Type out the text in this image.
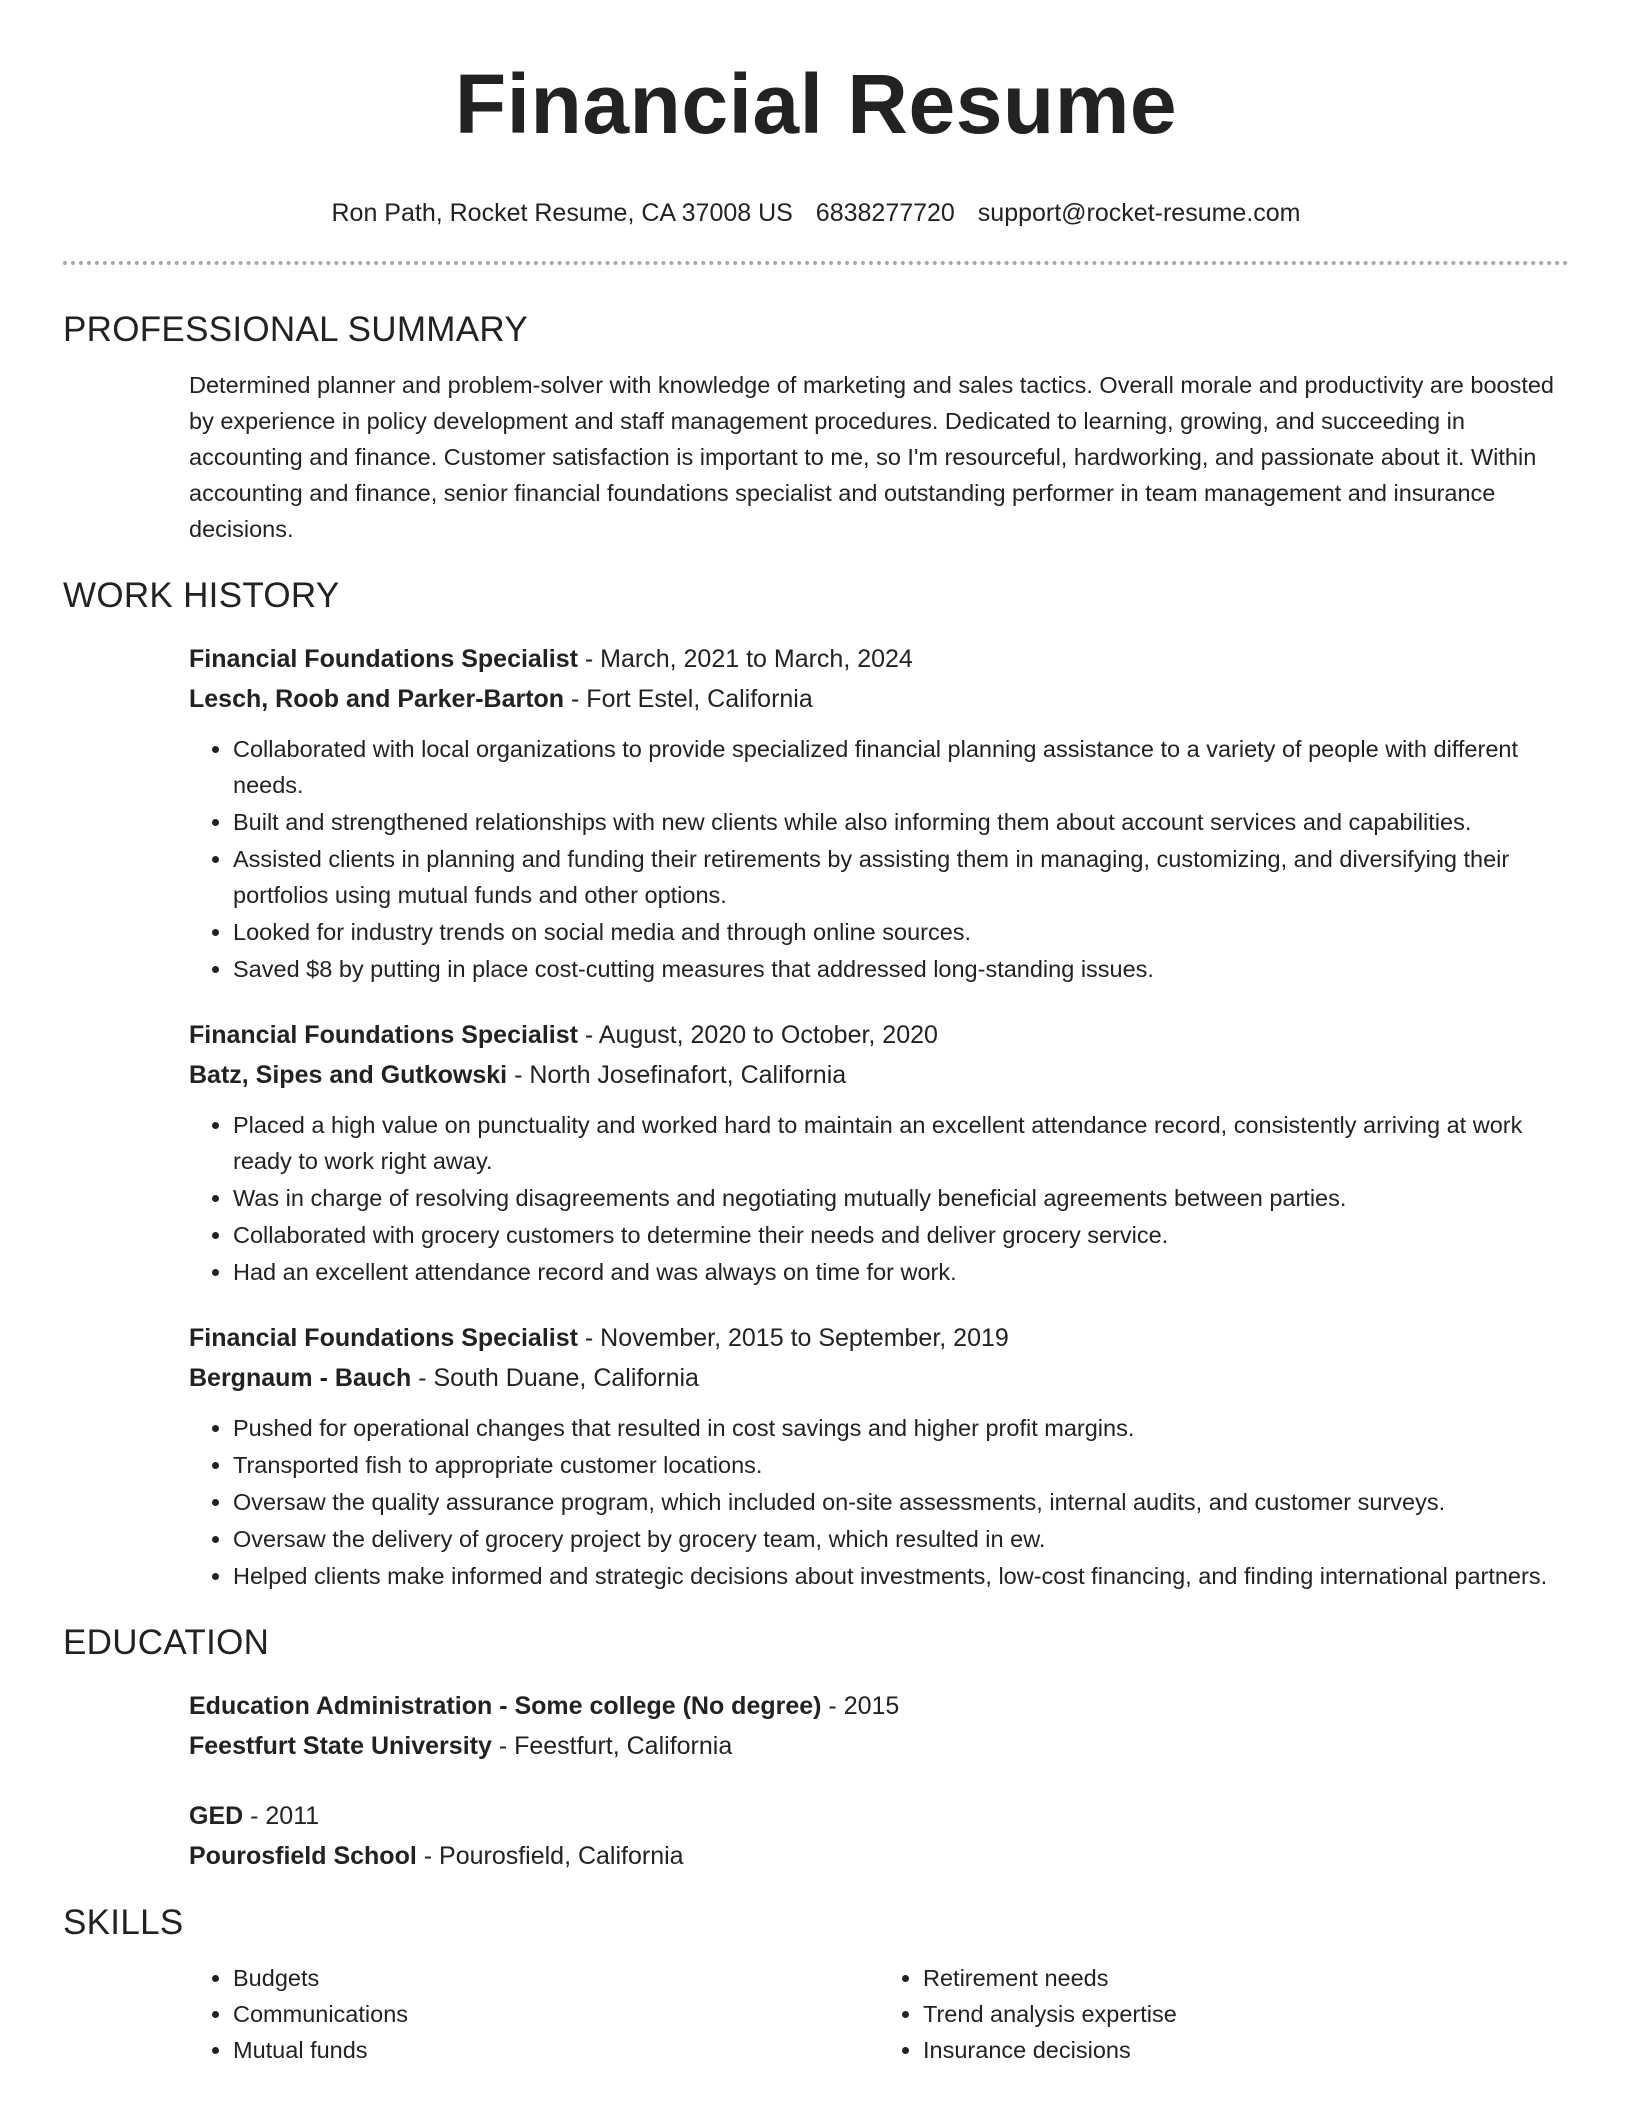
Financial Resume
Ron Path, Rocket Resume, CA 37008 US 6838277720 support@rocket-resume.com
PROFESSIONAL SUMMARY
Determined planner and problem-solver with knowledge of marketing and sales tactics. Overall morale and productivity are boosted by experience in policy development and staff management procedures. Dedicated to learning, growing, and succeeding in accounting and finance. Customer satisfaction is important to me, so I'm resourceful, hardworking, and passionate about it. Within accounting and finance, senior financial foundations specialist and outstanding performer in team management and insurance decisions.
WORK HISTORY
Financial Foundations Specialist - March, 2021 to March, 2024
Lesch, Roob and Parker-Barton - Fort Estel, California
• Collaborated with local organizations to provide specialized financial planning assistance to a variety of people with different needs.
• Built and strengthened relationships with new clients while also informing them about account services and capabilities.
• Assisted clients in planning and funding their retirements by assisting them in managing, customizing, and diversifying their portfolios using mutual funds and other options.
• Looked for industry trends on social media and through online sources.
• Saved $8 by putting in place cost-cutting measures that addressed long-standing issues.
Financial Foundations Specialist - August, 2020 to October, 2020
Batz, Sipes and Gutkowski - North Josefinafort, California
• Placed a high value on punctuality and worked hard to maintain an excellent attendance record, consistently arriving at work ready to work right away.
• Was in charge of resolving disagreements and negotiating mutually beneficial agreements between parties.
• Collaborated with grocery customers to determine their needs and deliver grocery service.
• Had an excellent attendance record and was always on time for work.
Financial Foundations Specialist - November, 2015 to September, 2019
Bergnaum - Bauch - South Duane, California
• Pushed for operational changes that resulted in cost savings and higher profit margins.
• Transported fish to appropriate customer locations.
• Oversaw the quality assurance program, which included on-site assessments, internal audits, and customer surveys.
• Oversaw the delivery of grocery project by grocery team, which resulted in ew.
• Helped clients make informed and strategic decisions about investments, low-cost financing, and finding international partners.
EDUCATION
Education Administration - Some college (No degree) - 2015
Feestfurt State University - Feestfurt, California
GED - 2011
Pourosfield School - Pourosfield, California
SKILLS
• Budgets
• Communications
• Mutual funds
• Retirement needs
• Trend analysis expertise
• Insurance decisions
